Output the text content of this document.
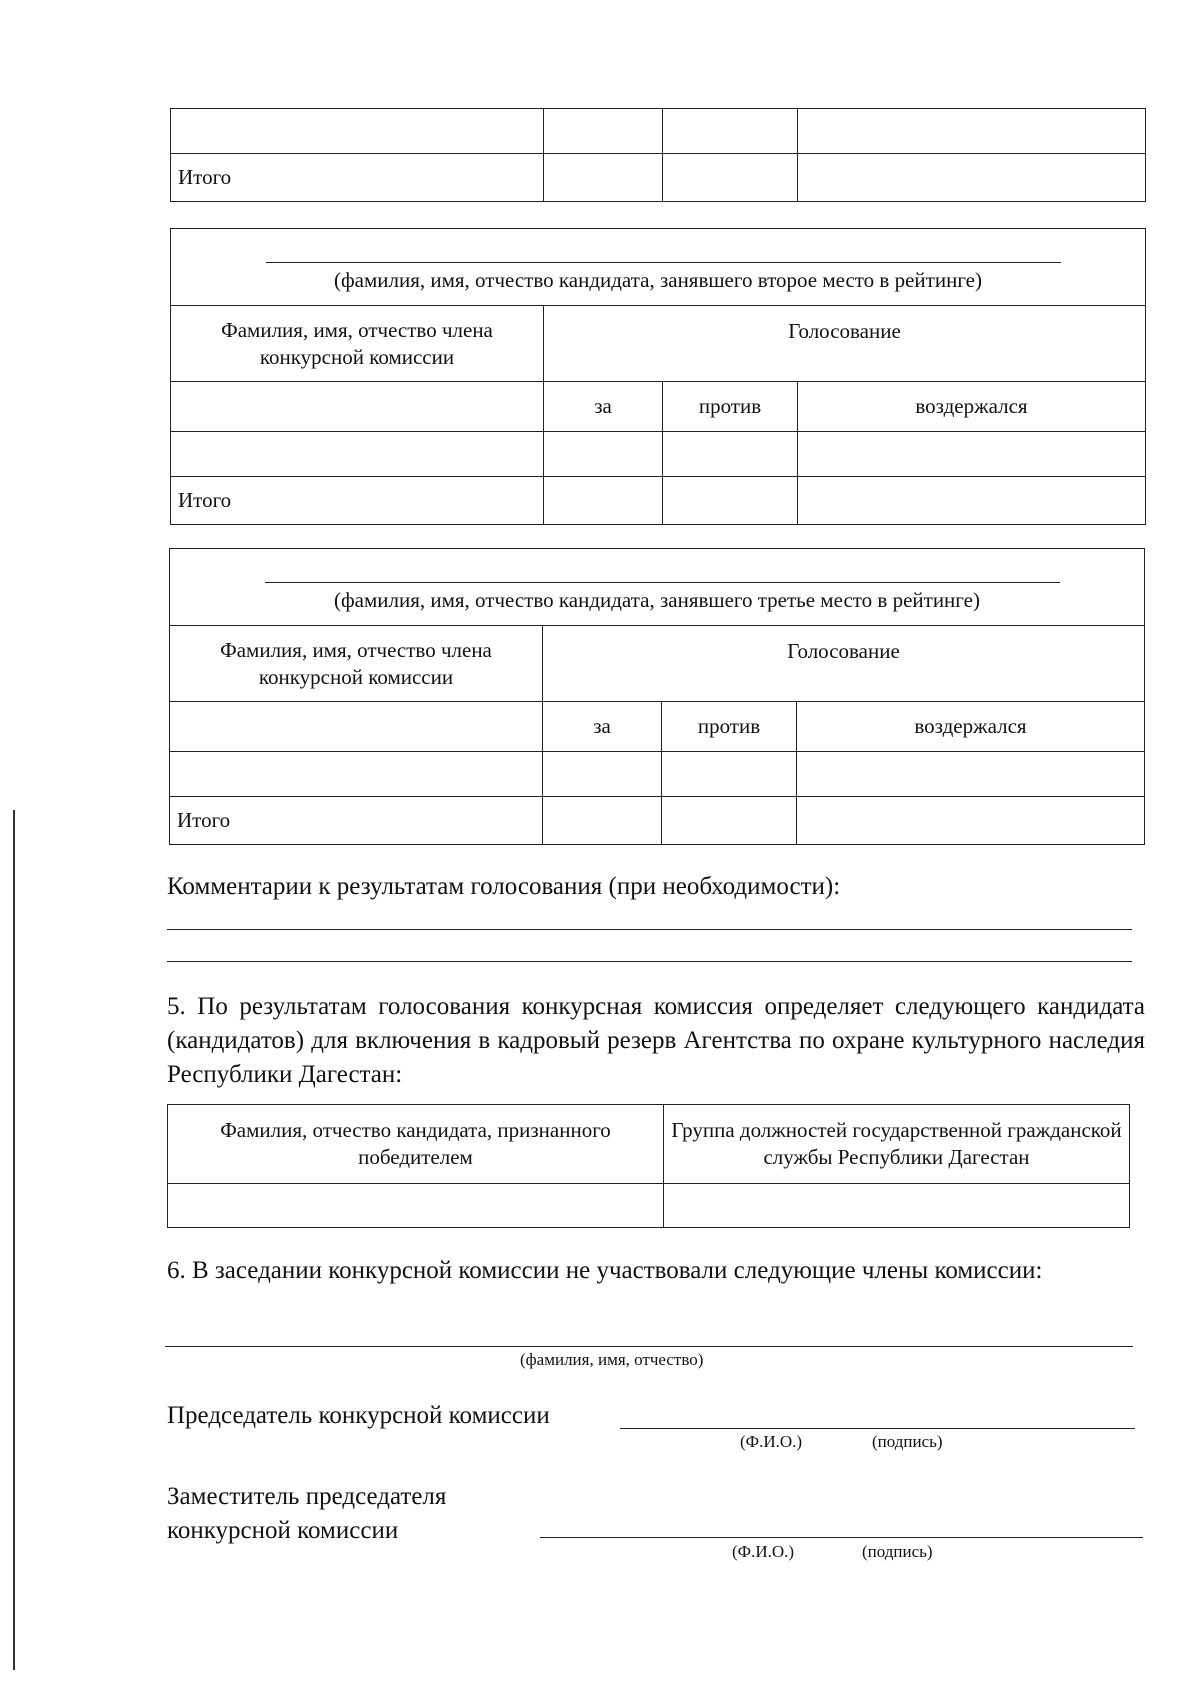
Итого			
(фамилия, имя, отчество кандидата, занявшего второе место в рейтинге)			

Фамилия, имя, отчество члена конкурсной комиссии	Голосование		
	за	против	воздержался

Итого			
(фамилия, имя, отчество кандидата, занявшего третье место в рейтинге)			

Фамилия, имя, отчество члена конкурсной комиссии	Голосование		
	за	против	воздержался

Итого			
Комментарии к результатам голосования (при необходимости):
5. По результатам голосования конкурсная комиссия определяет следующего кандидата (кандидатов) для включения в кадровый резерв Агентства по охране культурного наследия Республики Дагестан:
Фамилия, отчество кандидата, признанного победителем	Группа должностей государственной гражданской службы Республики Дагестан

6. В заседании конкурсной комиссии не участвовали следующие члены комиссии:
(фамилия, имя, отчество)
Председатель конкурсной комиссии
(Ф.И.О.)	(подпись)
Заместитель председателя
конкурсной комиссии
(Ф.И.О.)	(подпись)
